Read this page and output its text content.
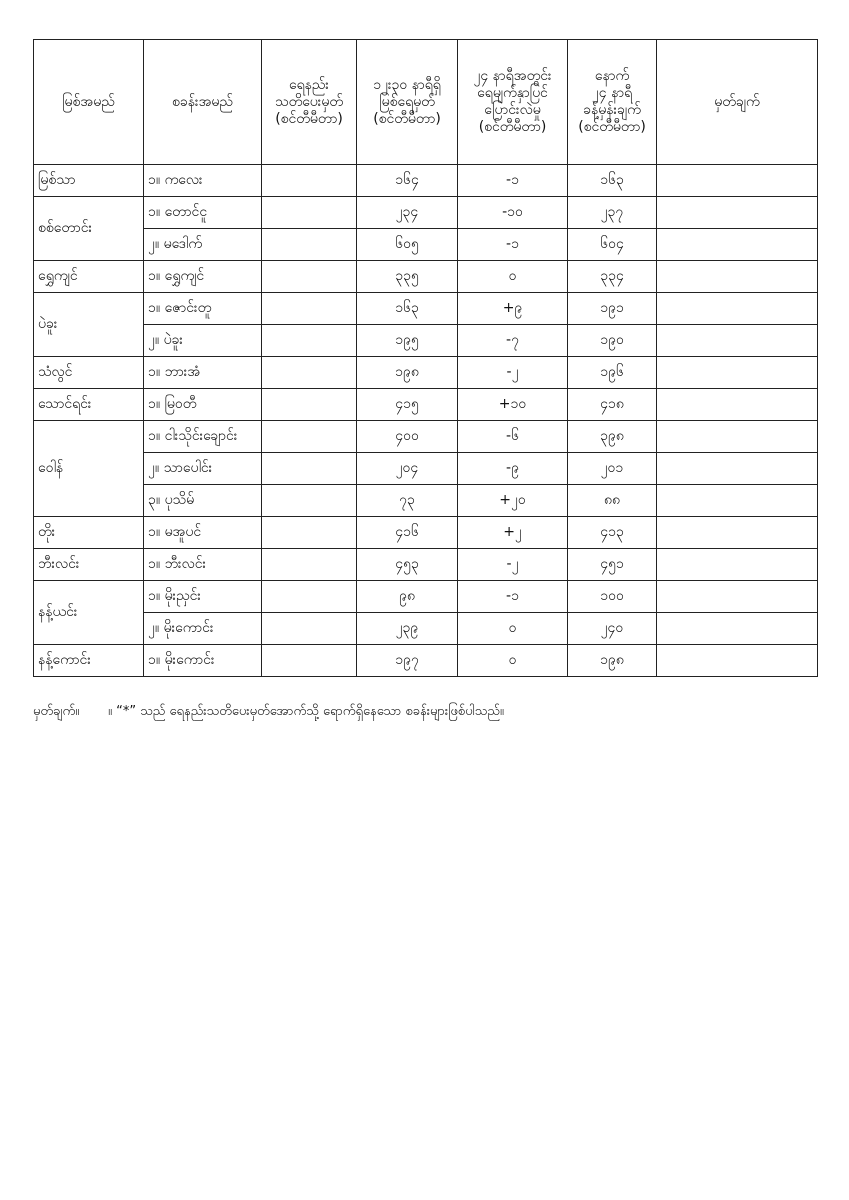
မြစ်အမည်	စခန်းအမည်	ရေနည်း
သတိပေးမှတ်
(စင်တီမီတာ)	၁၂း၃၀ နာရီရှိ
မြစ်ရေမှတ်
(စင်တီမီတာ)	၂၄ နာရီအတွင်း
ရေမျက်နှာပြင်
ပြောင်းလဲမှု
(စင်တီမီတာ)	နောက်
၂၄ နာရီ
ခန့်မှန်းချက်
(စင်တီမီတာ)	မှတ်ချက်
မြစ်သာ	၁။ ကလေး		၁၆၄	-၁	၁၆၃	
စစ်တောင်း	၁။ တောင်ငူ		၂၃၄	-၁၀	၂၃၇	
	၂။ မဒေါက်		၆၀၅	-၁	၆၀၄	
ရွှေကျင်	၁။ ရွှေကျင်		၃၃၅	၀	၃၃၄	
ပဲခူး	၁။ ဇောင်းတူ		၁၆၃	+၉	၁၉၁	
	၂။ ပဲခူး		၁၉၅	-၇	၁၉၀	
သံလွင်	၁။ ဘားအံ		၁၉၈	-၂	၁၉၆	
သောင်ရင်း	၁။ မြဝတီ		၄၁၅	+၁၀	၄၁၈	
ဝေါန်	၁။ ငါးသိုင်းချောင်း		၄၀၀	-၆	၃၉၈	
	၂။ သာပေါင်း		၂၀၄	-၉	၂၀၁	
	၃။ ပုသိမ်		၇၃	+၂၀	၈၈	
တိုး	၁။ မအူပင်		၄၁၆	+၂	၄၁၃	
ဘီးလင်း	၁။ ဘီးလင်း		၄၅၃	-၂	၄၅၁	
နန့်ယင်း	၁။ မိုးညှင်း		၉၈	-၁	၁၀၀	
	၂။ မိုးကောင်း		၂၃၉	၀	၂၄၀	
နန့်ကောင်း	၁။ မိုးကောင်း		၁၉၇	၀	၁၉၈	
မှတ်ချက်။ ။ “*” သည် ရေနည်းသတိပေးမှတ်အောက်သို့ ရောက်ရှိနေသော စခန်းများဖြစ်ပါသည်။
